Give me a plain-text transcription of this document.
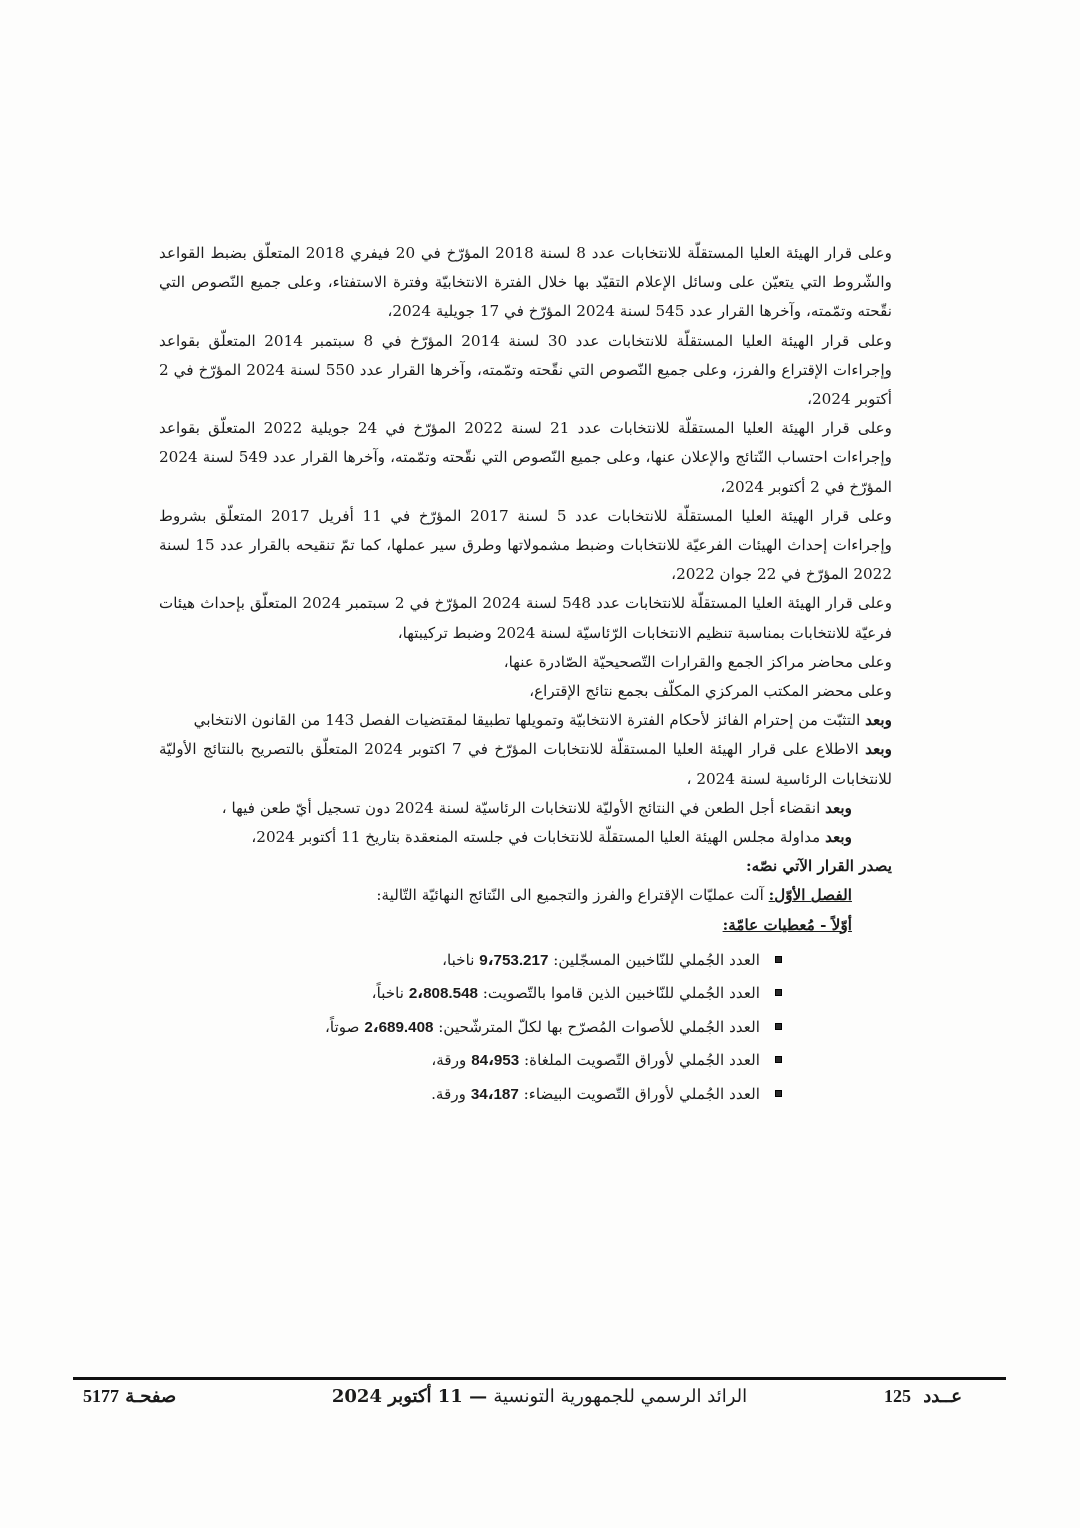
وعلى قرار الهيئة العليا المستقلّة للانتخابات عدد 8 لسنة 2018 المؤرّخ في 20 فيفري 2018 المتعلّق بضبط القواعد والشّروط التي يتعيّن على وسائل الإعلام التقيّد بها خلال الفترة الانتخابيّة وفترة الاستفتاء، وعلى جميع النّصوص التي نقّحته وتمّمته، وآخرها القرار عدد 545 لسنة 2024 المؤرّخ في 17 جويلية 2024،

وعلى قرار الهيئة العليا المستقلّة للانتخابات عدد 30 لسنة 2014 المؤرّخ في 8 سبتمبر 2014 المتعلّق بقواعد وإجراءات الإقتراع والفرز، وعلى جميع النّصوص التي نقّحته وتمّمته، وآخرها القرار عدد 550 لسنة 2024 المؤرّخ في 2 أكتوبر 2024،

وعلى قرار الهيئة العليا المستقلّة للانتخابات عدد 21 لسنة 2022 المؤرّخ في 24 جويلية 2022 المتعلّق بقواعد وإجراءات احتساب النّتائج والإعلان عنها، وعلى جميع النّصوص التي نقّحته وتمّمته، وآخرها القرار عدد 549 لسنة 2024 المؤرّخ في 2 أكتوبر 2024،

وعلى قرار الهيئة العليا المستقلّة للانتخابات عدد 5 لسنة 2017 المؤرّخ في 11 أفريل 2017 المتعلّق بشروط وإجراءات إحداث الهيئات الفرعيّة للانتخابات وضبط مشمولاتها وطرق سير عملها، كما تمّ تنقيحه بالقرار عدد 15 لسنة 2022 المؤرّخ في 22 جوان 2022،

وعلى قرار الهيئة العليا المستقلّة للانتخابات عدد 548 لسنة 2024 المؤرّخ في 2 سبتمبر 2024 المتعلّق بإحداث هيئات فرعيّة للانتخابات بمناسبة تنظيم الانتخابات الرّئاسيّة لسنة 2024 وضبط تركيبتها،

وعلى محاضر مراكز الجمع والقرارات التّصحيحيّة الصّادرة عنها،

وعلى محضر المكتب المركزي المكلّف بجمع نتائج الإقتراع،

وبعد التثبّت من إحترام الفائز لأحكام الفترة الانتخابيّة وتمويلها تطبيقا لمقتضيات الفصل 143 من القانون الانتخابي

وبعد الاطلاع على قرار الهيئة العليا المستقلّة للانتخابات المؤرّخ في 7 اكتوبر 2024 المتعلّق بالتصريح بالنتائج الأوليّة للانتخابات الرئاسية لسنة 2024 ،

وبعد انقضاء أجل الطعن في النتائج الأوليّة للانتخابات الرئاسيّة لسنة 2024 دون تسجيل أيّ طعن فيها ،

وبعد مداولة مجلس الهيئة العليا المستقلّة للانتخابات في جلسته المنعقدة بتاريخ 11 أكتوبر 2024،

يصدر القرار الآتي نصّه:

الفصل الأوّل: آلت عمليّات الإقتراع والفرز والتجميع الى النّتائج النهائيّة التّالية:

أوّلاً - مُعطيات عامّة:

العدد الجُملي للنّاخبين المسجّلين: 9،753.217 ناخبا،
العدد الجُملي للنّاخبين الذين قاموا بالتّصويت: 2،808.548 ناخباً،
العدد الجُملي للأصوات المُصرّح بها لكلّ المترشّحين: 2،689.408 صوتاً،
العدد الجُملي لأوراق التّصويت الملغاة: 84،953 ورقة،
العدد الجُملي لأوراق التّصويت البيضاء: 34،187 ورقة.
عــدد 125
الرائد الرسمي للجمهورية التونسية — 11 أكتوبر 2024
صفحـة 5177
